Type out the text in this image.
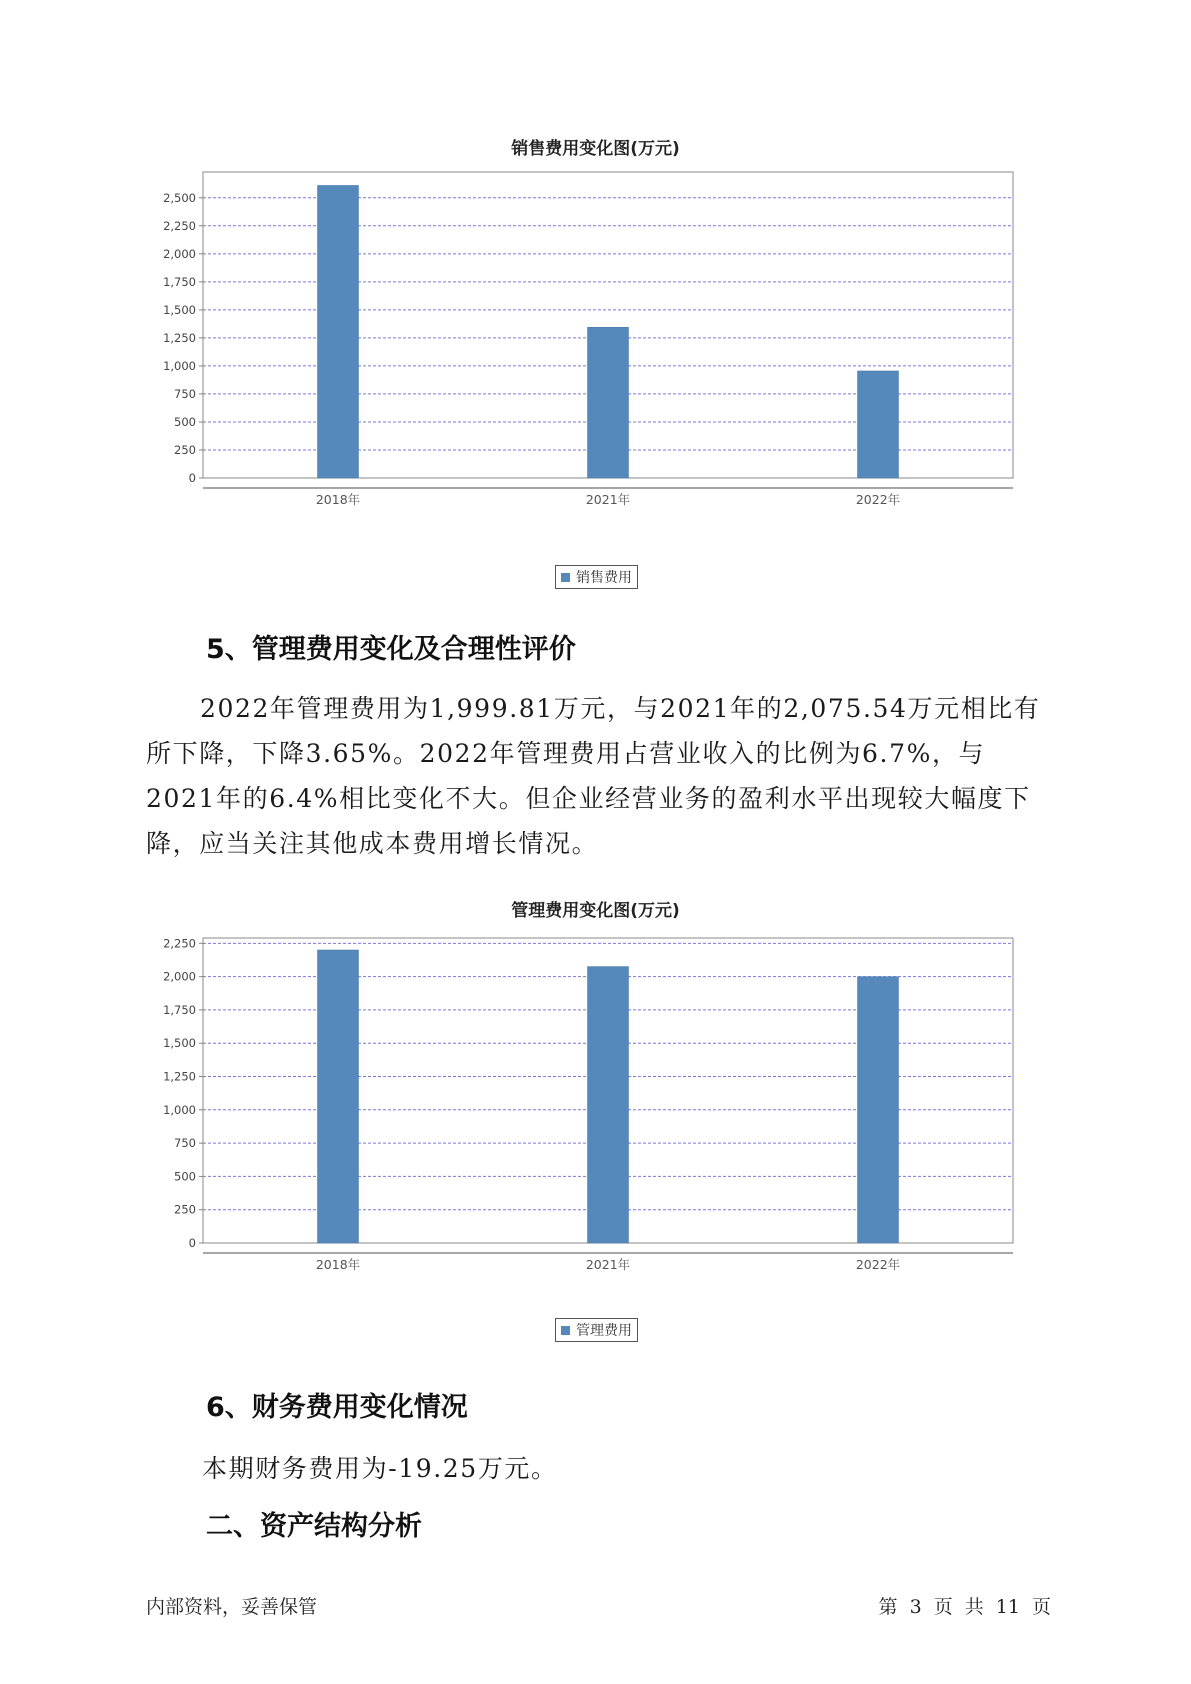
销售费用变化图(万元)
0
250
500
750
1,000
1,250
1,500
1,750
2,000
2,250
2,500
2018年	2021年	2022年
销售费用
5、管理费用变化及合理性评价

2022年管理费用为1,999.81万元，与2021年的2,075.54万元相比有所下降，下降3.65%。2022年管理费用占营业收入的比例为6.7%，与2021年的6.4%相比变化不大。但企业经营业务的盈利水平出现较大幅度下降，应当关注其他成本费用增长情况。

管理费用变化图(万元)
0
250
500
750
1,000
1,250
1,500
1,750
2,000
2,250
2018年	2021年	2022年
管理费用
6、财务费用变化情况
本期财务费用为-19.25万元。
二、资产结构分析
内部资料，妥善保管	第 3 页 共 11 页
